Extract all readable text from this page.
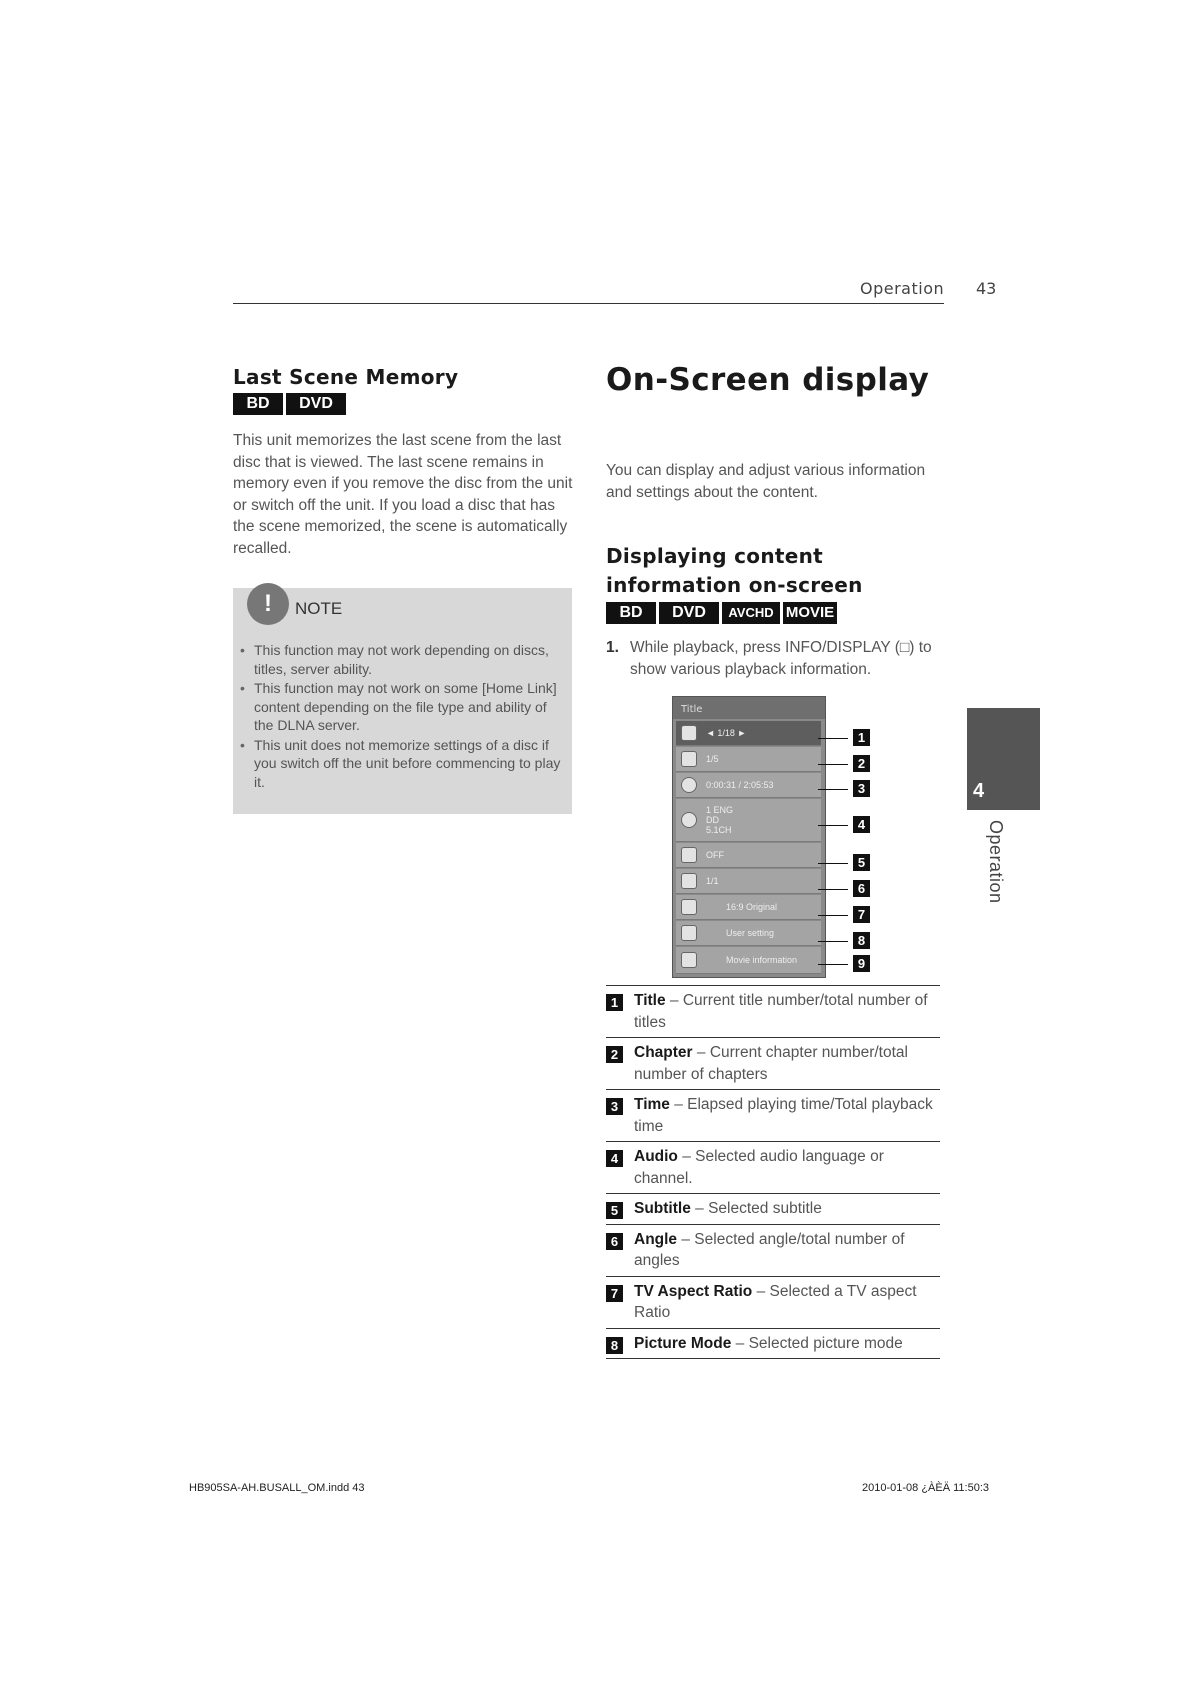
Operation 43
Last Scene Memory
BD	DVD
This unit memorizes the last scene from the last disc that is viewed. The last scene remains in memory even if you remove the disc from the unit or switch off the unit. If you load a disc that has the scene memorized, the scene is automatically recalled.
!	NOTE
• This function may not work depending on discs, titles, server ability.
• This function may not work on some [Home Link] content depending on the file type and ability of the DLNA server.
• This unit does not memorize settings of a disc if you switch off the unit before commencing to play it.
On-Screen display
You can display and adjust various information and settings about the content.
Displaying content information on-screen
BD	DVD	AVCHD MOVIE
1. While playback, press INFO/DISPLAY (□) to show various playback information.
Title
◄ 1/18 ►
1/5
0:00:31 / 2:05:53
1 ENG
DD
5.1CH
OFF
1/1
16:9 Original
User setting
Movie information
1
2
3
4
5
6
7
8
9
1	Title – Current title number/total number of titles
2	Chapter – Current chapter number/total number of chapters
3	Time – Elapsed playing time/Total playback time
4	Audio – Selected audio language or channel.
5	Subtitle – Selected subtitle
6	Angle – Selected angle/total number of angles
7	TV Aspect Ratio – Selected a TV aspect Ratio
8	Picture Mode – Selected picture mode
4
Operation
HB905SA-AH.BUSALL_OM.indd 43	2010-01-08 ¿ÀÈÄ 11:50:3
